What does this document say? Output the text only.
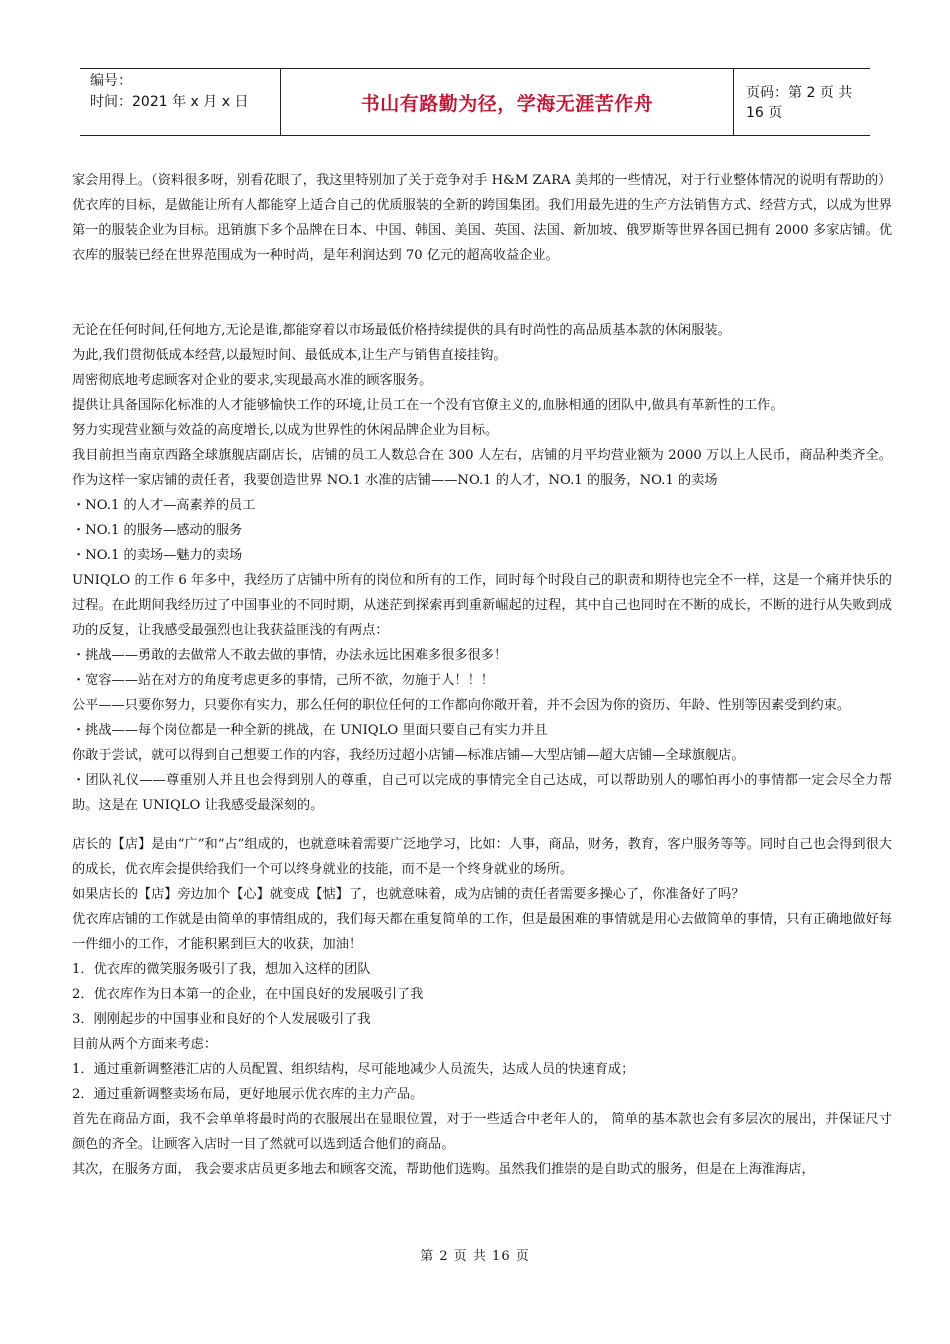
编号：
时间：2021 年 x 月 x 日	书山有路勤为径，学海无涯苦作舟	页码：第 2 页 共 16 页

家会用得上。（资料很多呀，别看花眼了，我这里特别加了关于竞争对手 H&M ZARA 美邦的一些情况，对于行业整体情况的说明有帮助的）

优衣库的目标，是做能让所有人都能穿上适合自己的优质服装的全新的跨国集团。我们用最先进的生产方法销售方式、经营方式，以成为世界第一的服装企业为目标。迅销旗下多个品牌在日本、中国、韩国、美国、英国、法国、新加坡、俄罗斯等世界各国已拥有 2000 多家店铺。优衣库的服装已经在世界范围成为一种时尚，是年利润达到 70 亿元的超高收益企业。

无论在任何时间,任何地方,无论是谁,都能穿着以市场最低价格持续提供的具有时尚性的高品质基本款的休闲服装。

为此,我们贯彻低成本经营,以最短时间、最低成本,让生产与销售直接挂钩。

周密彻底地考虑顾客对企业的要求,实现最高水准的顾客服务。

提供让具备国际化标准的人才能够愉快工作的环境,让员工在一个没有官僚主义的,血脉相通的团队中,做具有革新性的工作。

努力实现营业额与效益的高度增长,以成为世界性的休闲品牌企业为目标。

我目前担当南京西路全球旗舰店副店长，店铺的员工人数总合在 300 人左右，店铺的月平均营业额为 2000 万以上人民币，商品种类齐全。作为这样一家店铺的责任者，我要创造世界 NO.1 水准的店铺——NO.1 的人才，NO.1 的服务，NO.1 的卖场

・NO.1 的人才—高素养的员工

・NO.1 的服务—感动的服务

・NO.1 的卖场—魅力的卖场

UNIQLO 的工作 6 年多中，我经历了店铺中所有的岗位和所有的工作，同时每个时段自己的职责和期待也完全不一样，这是一个痛并快乐的过程。在此期间我经历过了中国事业的不同时期，从迷茫到探索再到重新崛起的过程，其中自己也同时在不断的成长，不断的进行从失败到成功的反复，让我感受最强烈也让我获益匪浅的有两点：

・挑战——勇敢的去做常人不敢去做的事情，办法永远比困难多很多很多！

・宽容——站在对方的角度考虑更多的事情，己所不欲，勿施于人！！！

公平——只要你努力，只要你有实力，那么任何的职位任何的工作都向你敞开着，并不会因为你的资历、年龄、性别等因素受到约束。

・挑战——每个岗位都是一种全新的挑战，在 UNIQLO 里面只要自己有实力并且

你敢于尝试，就可以得到自己想要工作的内容，我经历过超小店铺—标准店铺—大型店铺—超大店铺—全球旗舰店。

・团队礼仪——尊重别人并且也会得到别人的尊重，自己可以完成的事情完全自己达成，可以帮助别人的哪怕再小的事情都一定会尽全力帮助。这是在 UNIQLO 让我感受最深刻的。

店长的【店】是由“广”和“占”组成的，也就意味着需要广泛地学习，比如：人事，商品，财务，教育，客户服务等等。同时自己也会得到很大的成长，优衣库会提供给我们一个可以终身就业的技能，而不是一个终身就业的场所。

如果店长的【店】旁边加个【心】就变成【惦】了，也就意味着，成为店铺的责任者需要多操心了，你准备好了吗？

优衣库店铺的工作就是由简单的事情组成的，我们每天都在重复简单的工作，但是最困难的事情就是用心去做简单的事情，只有正确地做好每一件细小的工作，才能积累到巨大的收获，加油！

1．优衣库的微笑服务吸引了我，想加入这样的团队

2．优衣库作为日本第一的企业，在中国良好的发展吸引了我

3．刚刚起步的中国事业和良好的个人发展吸引了我

目前从两个方面来考虑：

1．通过重新调整港汇店的人员配置、组织结构，尽可能地减少人员流失，达成人员的快速育成；

2．通过重新调整卖场布局，更好地展示优衣库的主力产品。

首先在商品方面，我不会单单将最时尚的衣服展出在显眼位置，对于一些适合中老年人的， 简单的基本款也会有多层次的展出，并保证尺寸颜色的齐全。让顾客入店时一目了然就可以选到适合他们的商品。

其次，在服务方面， 我会要求店员更多地去和顾客交流，帮助他们选购。虽然我们推崇的是自助式的服务，但是在上海淮海店，

第 2 页 共 16 页
